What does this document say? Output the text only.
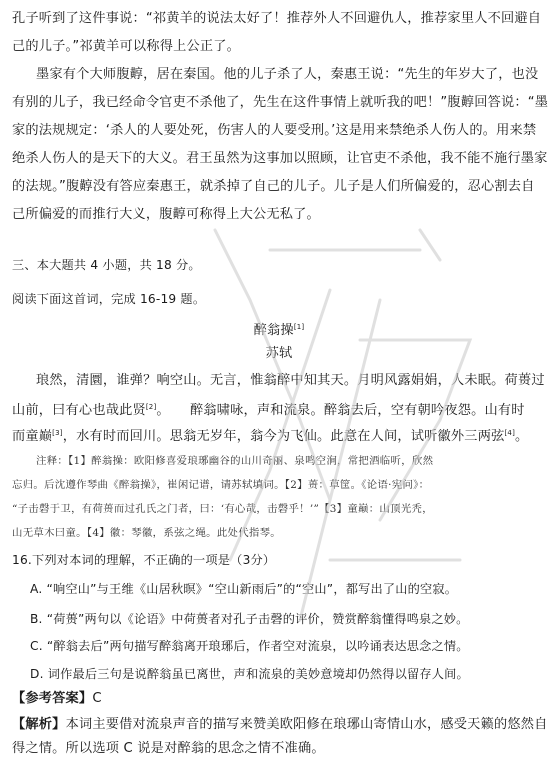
孔子听到了这件事说：“祁黄羊的说法太好了！推荐外人不回避仇人，推荐家里人不回避自
己的儿子。”祁黄羊可以称得上公正了。
墨家有个大师腹䵍，居在秦国。他的儿子杀了人，秦惠王说：“先生的年岁大了，也没
有别的儿子，我已经命令官吏不杀他了，先生在这件事情上就听我的吧！”腹䵍回答说：“墨
家的法规规定：‘杀人的人要处死，伤害人的人要受刑。’这是用来禁绝杀人伤人的。用来禁
绝杀人伤人的是天下的大义。君王虽然为这事加以照顾，让官吏不杀他，我不能不施行墨家
的法规。”腹䵍没有答应秦惠王，就杀掉了自己的儿子。儿子是人们所偏爱的，忍心割去自
己所偏爱的而推行大义，腹䵍可称得上大公无私了。
三、本大题共 4 小题，共 18 分。
阅读下面这首词，完成 16-19 题。
醉翁操[1]
苏轼
琅然，清圜，谁弹？响空山。无言，惟翁醉中知其天。月明风露娟娟，人未眠。荷蒉过
山前，曰有心也哉此贤[2]。　　醉翁啸咏，声和流泉。醉翁去后，空有朝吟夜怨。山有时
而童巅[3]，水有时而回川。思翁无岁年，翁今为飞仙。此意在人间，试听徽外三两弦[4]。
注释：【1】醉翁操：欧阳修喜爱琅琊幽谷的山川奇丽、泉鸣空涧，常把酒临听，欣然
忘归。后沈遵作琴曲《醉翁操》，崔闲记谱，请苏轼填词。【2】蒉：草筐。《论语·宪问》：
“子击磬于卫，有荷蒉而过孔氏之门者，曰：‘有心哉，击磬乎！’”【3】童巅：山顶光秃，
山无草木曰童。【4】徽：琴徽，系弦之绳。此处代指琴。
16.下列对本词的理解，不正确的一项是（3分）
A. “响空山”与王维《山居秋暝》“空山新雨后”的“空山”，都写出了山的空寂。
B. “荷蒉”两句以《论语》中荷蒉者对孔子击磬的评价，赞赏醉翁懂得鸣泉之妙。
C. “醉翁去后”两句描写醉翁离开琅琊后，作者空对流泉，以吟诵表达思念之情。
D. 词作最后三句是说醉翁虽已离世，声和流泉的美妙意境却仍然得以留存人间。
【参考答案】C
【解析】本词主要借对流泉声音的描写来赞美欧阳修在琅琊山寄情山水，感受天籁的悠然自
得之情。所以选项 C 说是对醉翁的思念之情不准确。
